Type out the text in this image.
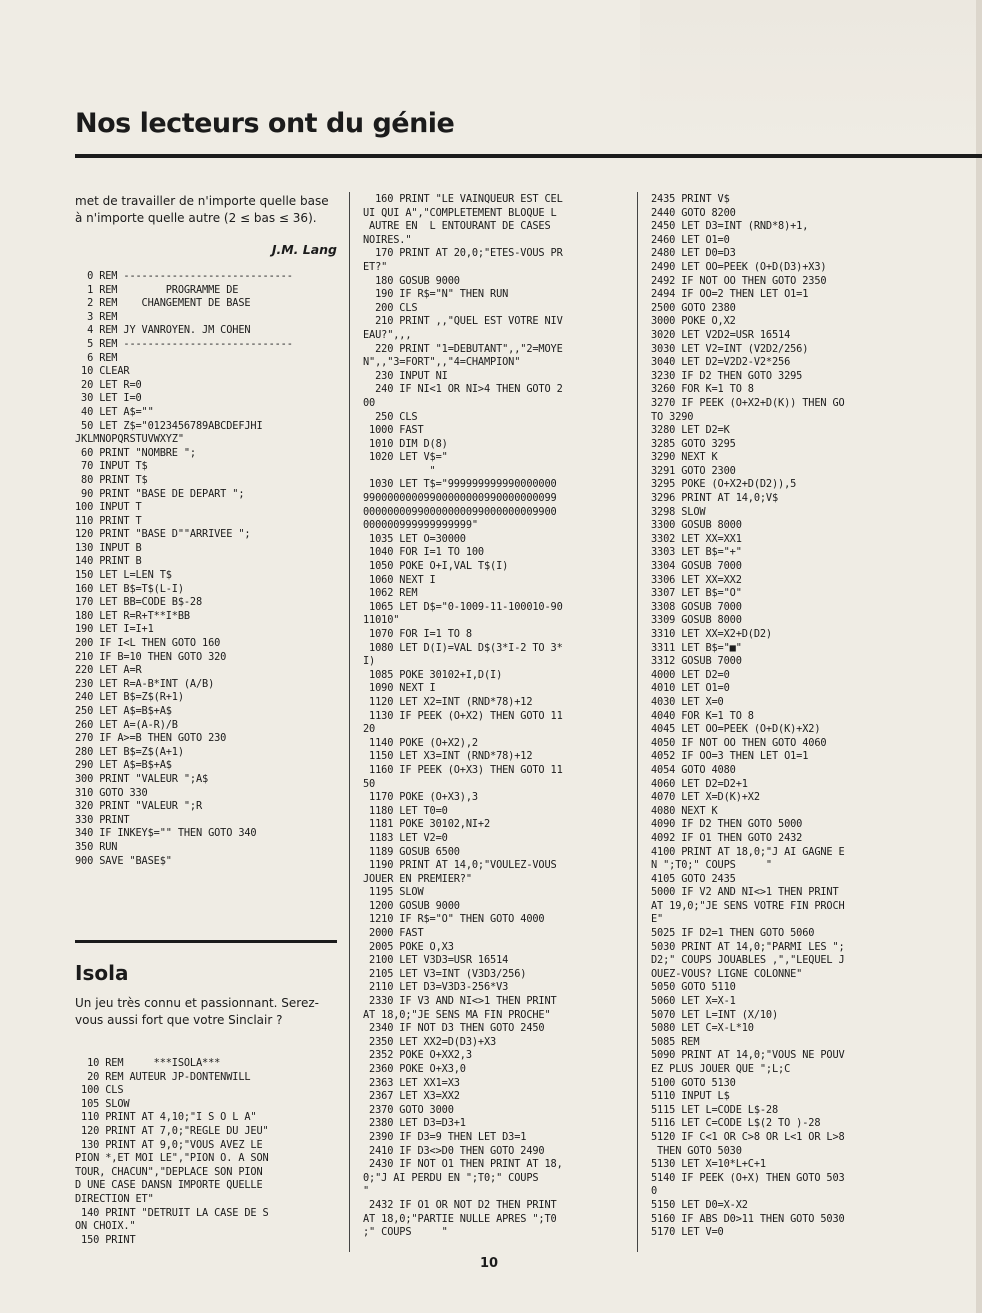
Nos lecteurs ont du génie

met de travailler de n'importe quelle base à n'importe quelle autre (2 ≤ bas ≤ 36).

J.M. Lang

0 REM ----------------------------
1 REM        PROGRAMME DE
2 REM    CHANGEMENT DE BASE
3 REM
4 REM JY VANROYEN. JM COHEN
5 REM ----------------------------
6 REM
10 CLEAR
20 LET R=0
30 LET I=0
40 LET A$=""
50 LET Z$="0123456789ABCDEFJHI
JKLMNOPQRSTUVWXYZ"
60 PRINT "NOMBRE ";
70 INPUT T$
80 PRINT T$
90 PRINT "BASE DE DEPART ";
100 INPUT T
110 PRINT T
120 PRINT "BASE D""ARRIVEE ";
130 INPUT B
140 PRINT B
150 LET L=LEN T$
160 LET B$=T$(L-I)
170 LET BB=CODE B$-28
180 LET R=R+T**I*BB
190 LET I=I+1
200 IF I<L THEN GOTO 160
210 IF B=10 THEN GOTO 320
220 LET A=R
230 LET R=A-B*INT (A/B)
240 LET B$=Z$(R+1)
250 LET A$=B$+A$
260 LET A=(A-R)/B
270 IF A>=B THEN GOTO 230
280 LET B$=Z$(A+1)
290 LET A$=B$+A$
300 PRINT "VALEUR ";A$
310 GOTO 330
320 PRINT "VALEUR ";R
330 PRINT
340 IF INKEY$="" THEN GOTO 340
350 RUN
900 SAVE "BASE$"
Isola

Un jeu très connu et passionnant. Serez-vous aussi fort que votre Sinclair ?

10 REM     ***ISOLA***
20 REM AUTEUR JP-DONTENWILL
100 CLS
105 SLOW
110 PRINT AT 4,10;"I S O L A"
120 PRINT AT 7,0;"REGLE DU JEU"
130 PRINT AT 9,0;"VOUS AVEZ LE
PION *,ET MOI LE","PION O. A SON
TOUR, CHACUN","DEPLACE SON PION
D UNE CASE DANSN IMPORTE QUELLE
DIRECTION ET"
140 PRINT "DETRUIT LA CASE DE S
ON CHOIX."
150 PRINT
160 PRINT "LE VAINQUEUR EST CEL
UI QUI A","COMPLETEMENT BLOQUE L
AUTRE EN  L ENTOURANT DE CASES
NOIRES."
170 PRINT AT 20,0;"ETES-VOUS PR
ET?"
180 GOSUB 9000
190 IF R$="N" THEN RUN
200 CLS
210 PRINT ,,"QUEL EST VOTRE NIV
EAU?",,,
220 PRINT "1=DEBUTANT",,"2=MOYE
N",,"3=FORT",,"4=CHAMPION"
230 INPUT NI
240 IF NI<1 OR NI>4 THEN GOTO 2
00
250 CLS
1000 FAST
1010 DIM D(8)
1020 LET V$="
"
1030 LET T$="999999999990000000
99000000009900000000990000000099
00000000990000000099000000009900
000000999999999999"
1035 LET O=30000
1040 FOR I=1 TO 100
1050 POKE O+I,VAL T$(I)
1060 NEXT I
1062 REM
1065 LET D$="0-1009-11-100010-90
11010"
1070 FOR I=1 TO 8
1080 LET D(I)=VAL D$(3*I-2 TO 3*
I)
1085 POKE 30102+I,D(I)
1090 NEXT I
1120 LET X2=INT (RND*78)+12
1130 IF PEEK (O+X2) THEN GOTO 11
20
1140 POKE (O+X2),2
1150 LET X3=INT (RND*78)+12
1160 IF PEEK (O+X3) THEN GOTO 11
50
1170 POKE (O+X3),3
1180 LET T0=0
1181 POKE 30102,NI+2
1183 LET V2=0
1189 GOSUB 6500
1190 PRINT AT 14,0;"VOULEZ-VOUS
JOUER EN PREMIER?"
1195 SLOW
1200 GOSUB 9000
1210 IF R$="O" THEN GOTO 4000
2000 FAST
2005 POKE O,X3
2100 LET V3D3=USR 16514
2105 LET V3=INT (V3D3/256)
2110 LET D3=V3D3-256*V3
2330 IF V3 AND NI<>1 THEN PRINT
AT 18,0;"JE SENS MA FIN PROCHE"
2340 IF NOT D3 THEN GOTO 2450
2350 LET XX2=D(D3)+X3
2352 POKE O+XX2,3
2360 POKE O+X3,0
2363 LET XX1=X3
2367 LET X3=XX2
2370 GOTO 3000
2380 LET D3=D3+1
2390 IF D3=9 THEN LET D3=1
2410 IF D3<>D0 THEN GOTO 2490
2430 IF NOT O1 THEN PRINT AT 18,
0;"J AI PERDU EN ";T0;" COUPS
"
2432 IF O1 OR NOT D2 THEN PRINT
AT 18,0;"PARTIE NULLE APRES ";T0
;" COUPS     "
2435 PRINT V$
2440 GOTO 8200
2450 LET D3=INT (RND*8)+1,
2460 LET O1=0
2480 LET D0=D3
2490 LET OO=PEEK (O+D(D3)+X3)
2492 IF NOT OO THEN GOTO 2350
2494 IF OO=2 THEN LET O1=1
2500 GOTO 2380
3000 POKE O,X2
3020 LET V2D2=USR 16514
3030 LET V2=INT (V2D2/256)
3040 LET D2=V2D2-V2*256
3230 IF D2 THEN GOTO 3295
3260 FOR K=1 TO 8
3270 IF PEEK (O+X2+D(K)) THEN GO
TO 3290
3280 LET D2=K
3285 GOTO 3295
3290 NEXT K
3291 GOTO 2300
3295 POKE (O+X2+D(D2)),5
3296 PRINT AT 14,0;V$
3298 SLOW
3300 GOSUB 8000
3302 LET XX=XX1
3303 LET B$="+"
3304 GOSUB 7000
3306 LET XX=XX2
3307 LET B$="O"
3308 GOSUB 7000
3309 GOSUB 8000
3310 LET XX=X2+D(D2)
3311 LET B$="■"
3312 GOSUB 7000
4000 LET D2=0
4010 LET O1=0
4030 LET X=0
4040 FOR K=1 TO 8
4045 LET OO=PEEK (O+D(K)+X2)
4050 IF NOT OO THEN GOTO 4060
4052 IF OO=3 THEN LET O1=1
4054 GOTO 4080
4060 LET D2=D2+1
4070 LET X=D(K)+X2
4080 NEXT K
4090 IF D2 THEN GOTO 5000
4092 IF O1 THEN GOTO 2432
4100 PRINT AT 18,0;"J AI GAGNE E
N ";T0;" COUPS     "
4105 GOTO 2435
5000 IF V2 AND NI<>1 THEN PRINT
AT 19,0;"JE SENS VOTRE FIN PROCH
E"
5025 IF D2=1 THEN GOTO 5060
5030 PRINT AT 14,0;"PARMI LES ";
D2;" COUPS JOUABLES ,","LEQUEL J
OUEZ-VOUS? LIGNE COLONNE"
5050 GOTO 5110
5060 LET X=X-1
5070 LET L=INT (X/10)
5080 LET C=X-L*10
5085 REM
5090 PRINT AT 14,0;"VOUS NE POUV
EZ PLUS JOUER QUE ";L;C
5100 GOTO 5130
5110 INPUT L$
5115 LET L=CODE L$-28
5116 LET C=CODE L$(2 TO )-28
5120 IF C<1 OR C>8 OR L<1 OR L>8
THEN GOTO 5030
5130 LET X=10*L+C+1
5140 IF PEEK (O+X) THEN GOTO 503
0
5150 LET D0=X-X2
5160 IF ABS D0>11 THEN GOTO 5030
5170 LET V=0
10
